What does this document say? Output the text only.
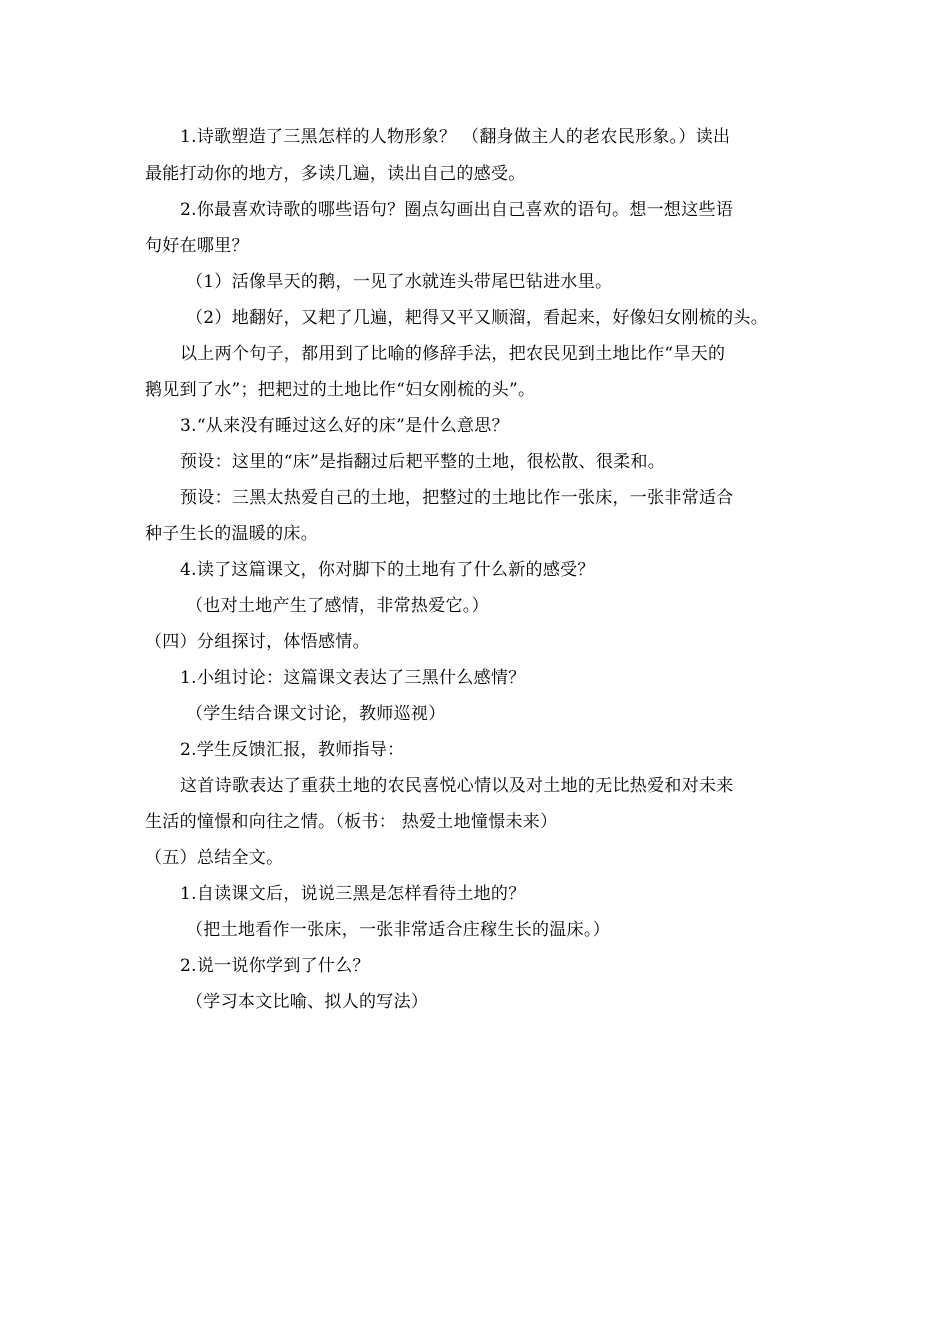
1.诗歌塑造了三黑怎样的人物形象？ （翻身做主人的老农民形象。）读出
最能打动你的地方，多读几遍，读出自己的感受。
2.你最喜欢诗歌的哪些语句？圈点勾画出自己喜欢的语句。想一想这些语
句好在哪里？
（1）活像旱天的鹅，一见了水就连头带尾巴钻进水里。
（2）地翻好，又耙了几遍，耙得又平又顺溜，看起来，好像妇女刚梳的头。
以上两个句子，都用到了比喻的修辞手法，把农民见到土地比作“旱天的
鹅见到了水”；把耙过的土地比作“妇女刚梳的头”。
3.“从来没有睡过这么好的床”是什么意思？
预设：这里的“床”是指翻过后耙平整的土地，很松散、很柔和。
预设：三黑太热爱自己的土地，把整过的土地比作一张床，一张非常适合
种子生长的温暖的床。
4.读了这篇课文，你对脚下的土地有了什么新的感受？
（也对土地产生了感情，非常热爱它。）
（四）分组探讨，体悟感情。
1.小组讨论：这篇课文表达了三黑什么感情？
（学生结合课文讨论，教师巡视）
2.学生反馈汇报，教师指导：
这首诗歌表达了重获土地的农民喜悦心情以及对土地的无比热爱和对未来
生活的憧憬和向往之情。（板书： 热爱土地憧憬未来）
（五）总结全文。
1.自读课文后，说说三黑是怎样看待土地的？
（把土地看作一张床，一张非常适合庄稼生长的温床。）
2.说一说你学到了什么？
（学习本文比喻、拟人的写法）
